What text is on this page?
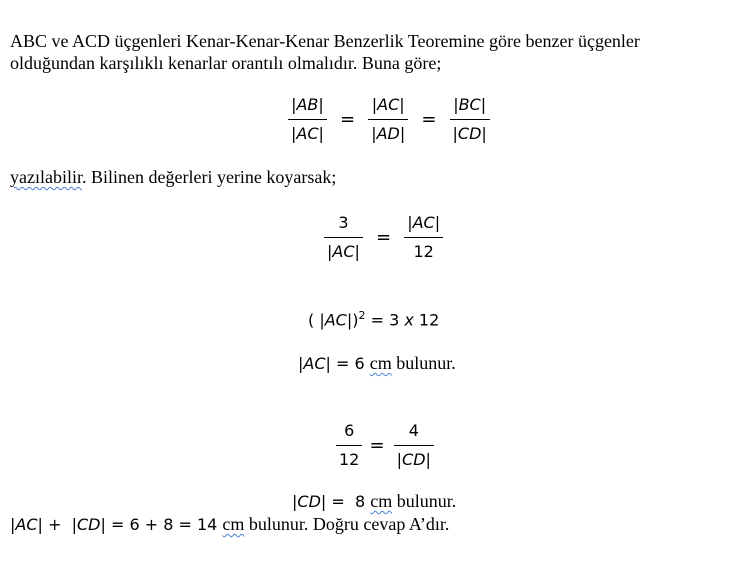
ABC ve ACD üçgenleri Kenar-Kenar-Kenar Benzerlik Teoremine göre benzer üçgenler
olduğundan karşılıklı kenarlar orantılı olmalıdır. Buna göre;
$\frac{|AB|}{|AC|} = \frac{|AC|}{|AD|} = \frac{|BC|}{|CD|}$
yazılabilir. Bilinen değerleri yerine koyarsak;
$\frac{3}{|AC|} = \frac{|AC|}{12}$
( |AC|)$^2$ = 3 x 12
|AC| = 6 cm bulunur.
$\frac{6}{12} = \frac{4}{|CD|}$
|CD| =  8 cm bulunur.
|AC| +  |CD| = 6 + 8 = 14 cm bulunur. Doğru cevap A’dır.
